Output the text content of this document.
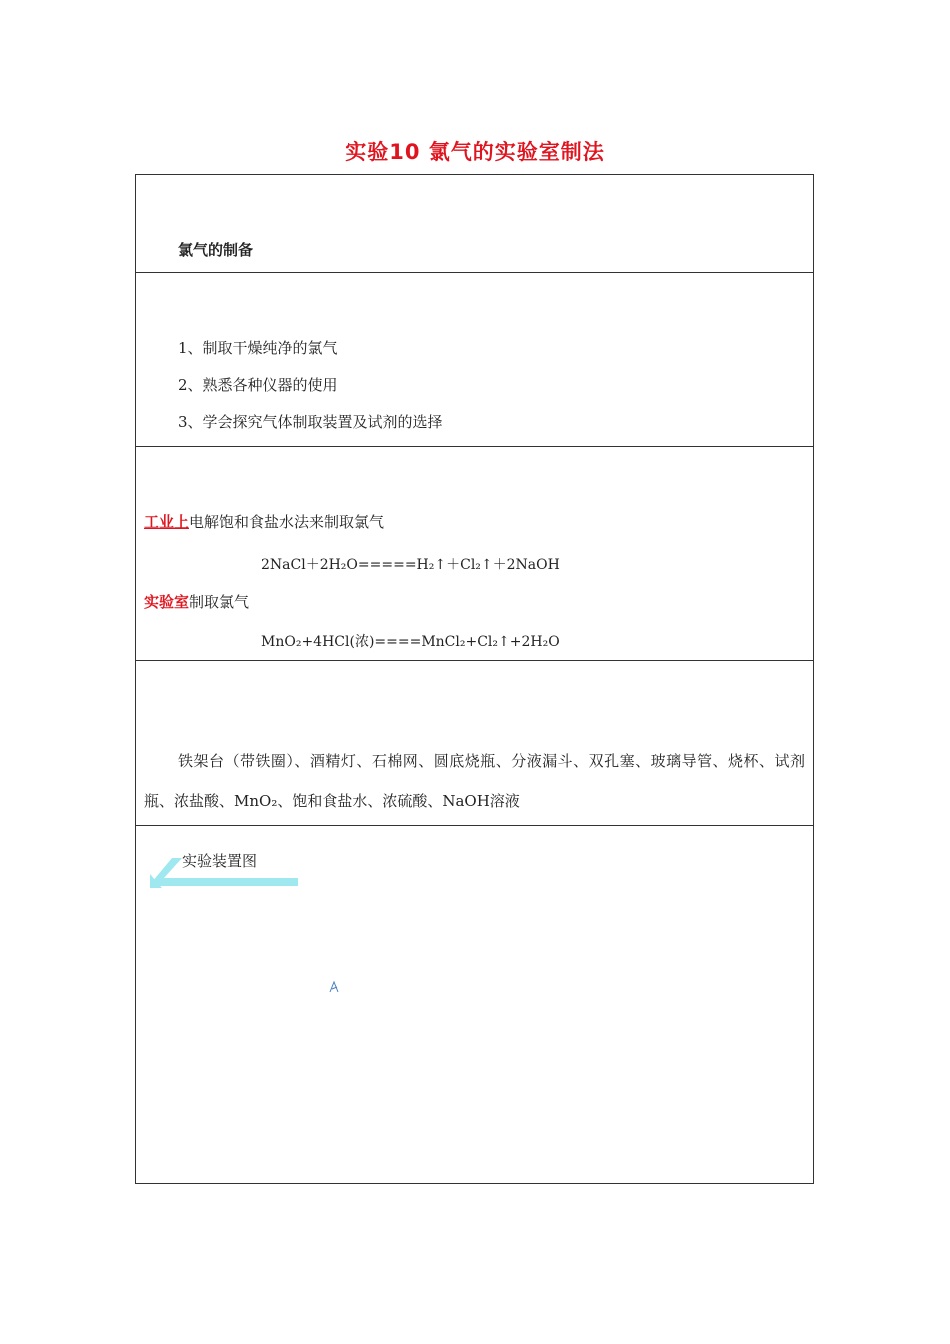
实验10 氯气的实验室制法
氯气的制备
1、制取干燥纯净的氯气
2、熟悉各种仪器的使用
3、学会探究气体制取装置及试剂的选择
工业上电解饱和食盐水法来制取氯气
2NaCl＋2H₂O=====H₂↑＋Cl₂↑＋2NaOH
实验室制取氯气
MnO₂+4HCl(浓)====MnCl₂+Cl₂↑+2H₂O
铁架台（带铁圈）、酒精灯、石棉网、圆底烧瓶、分液漏斗、双孔塞、玻璃导管、烧杯、试剂瓶、浓盐酸、MnO₂、饱和食盐水、浓硫酸、NaOH溶液
实验装置图
